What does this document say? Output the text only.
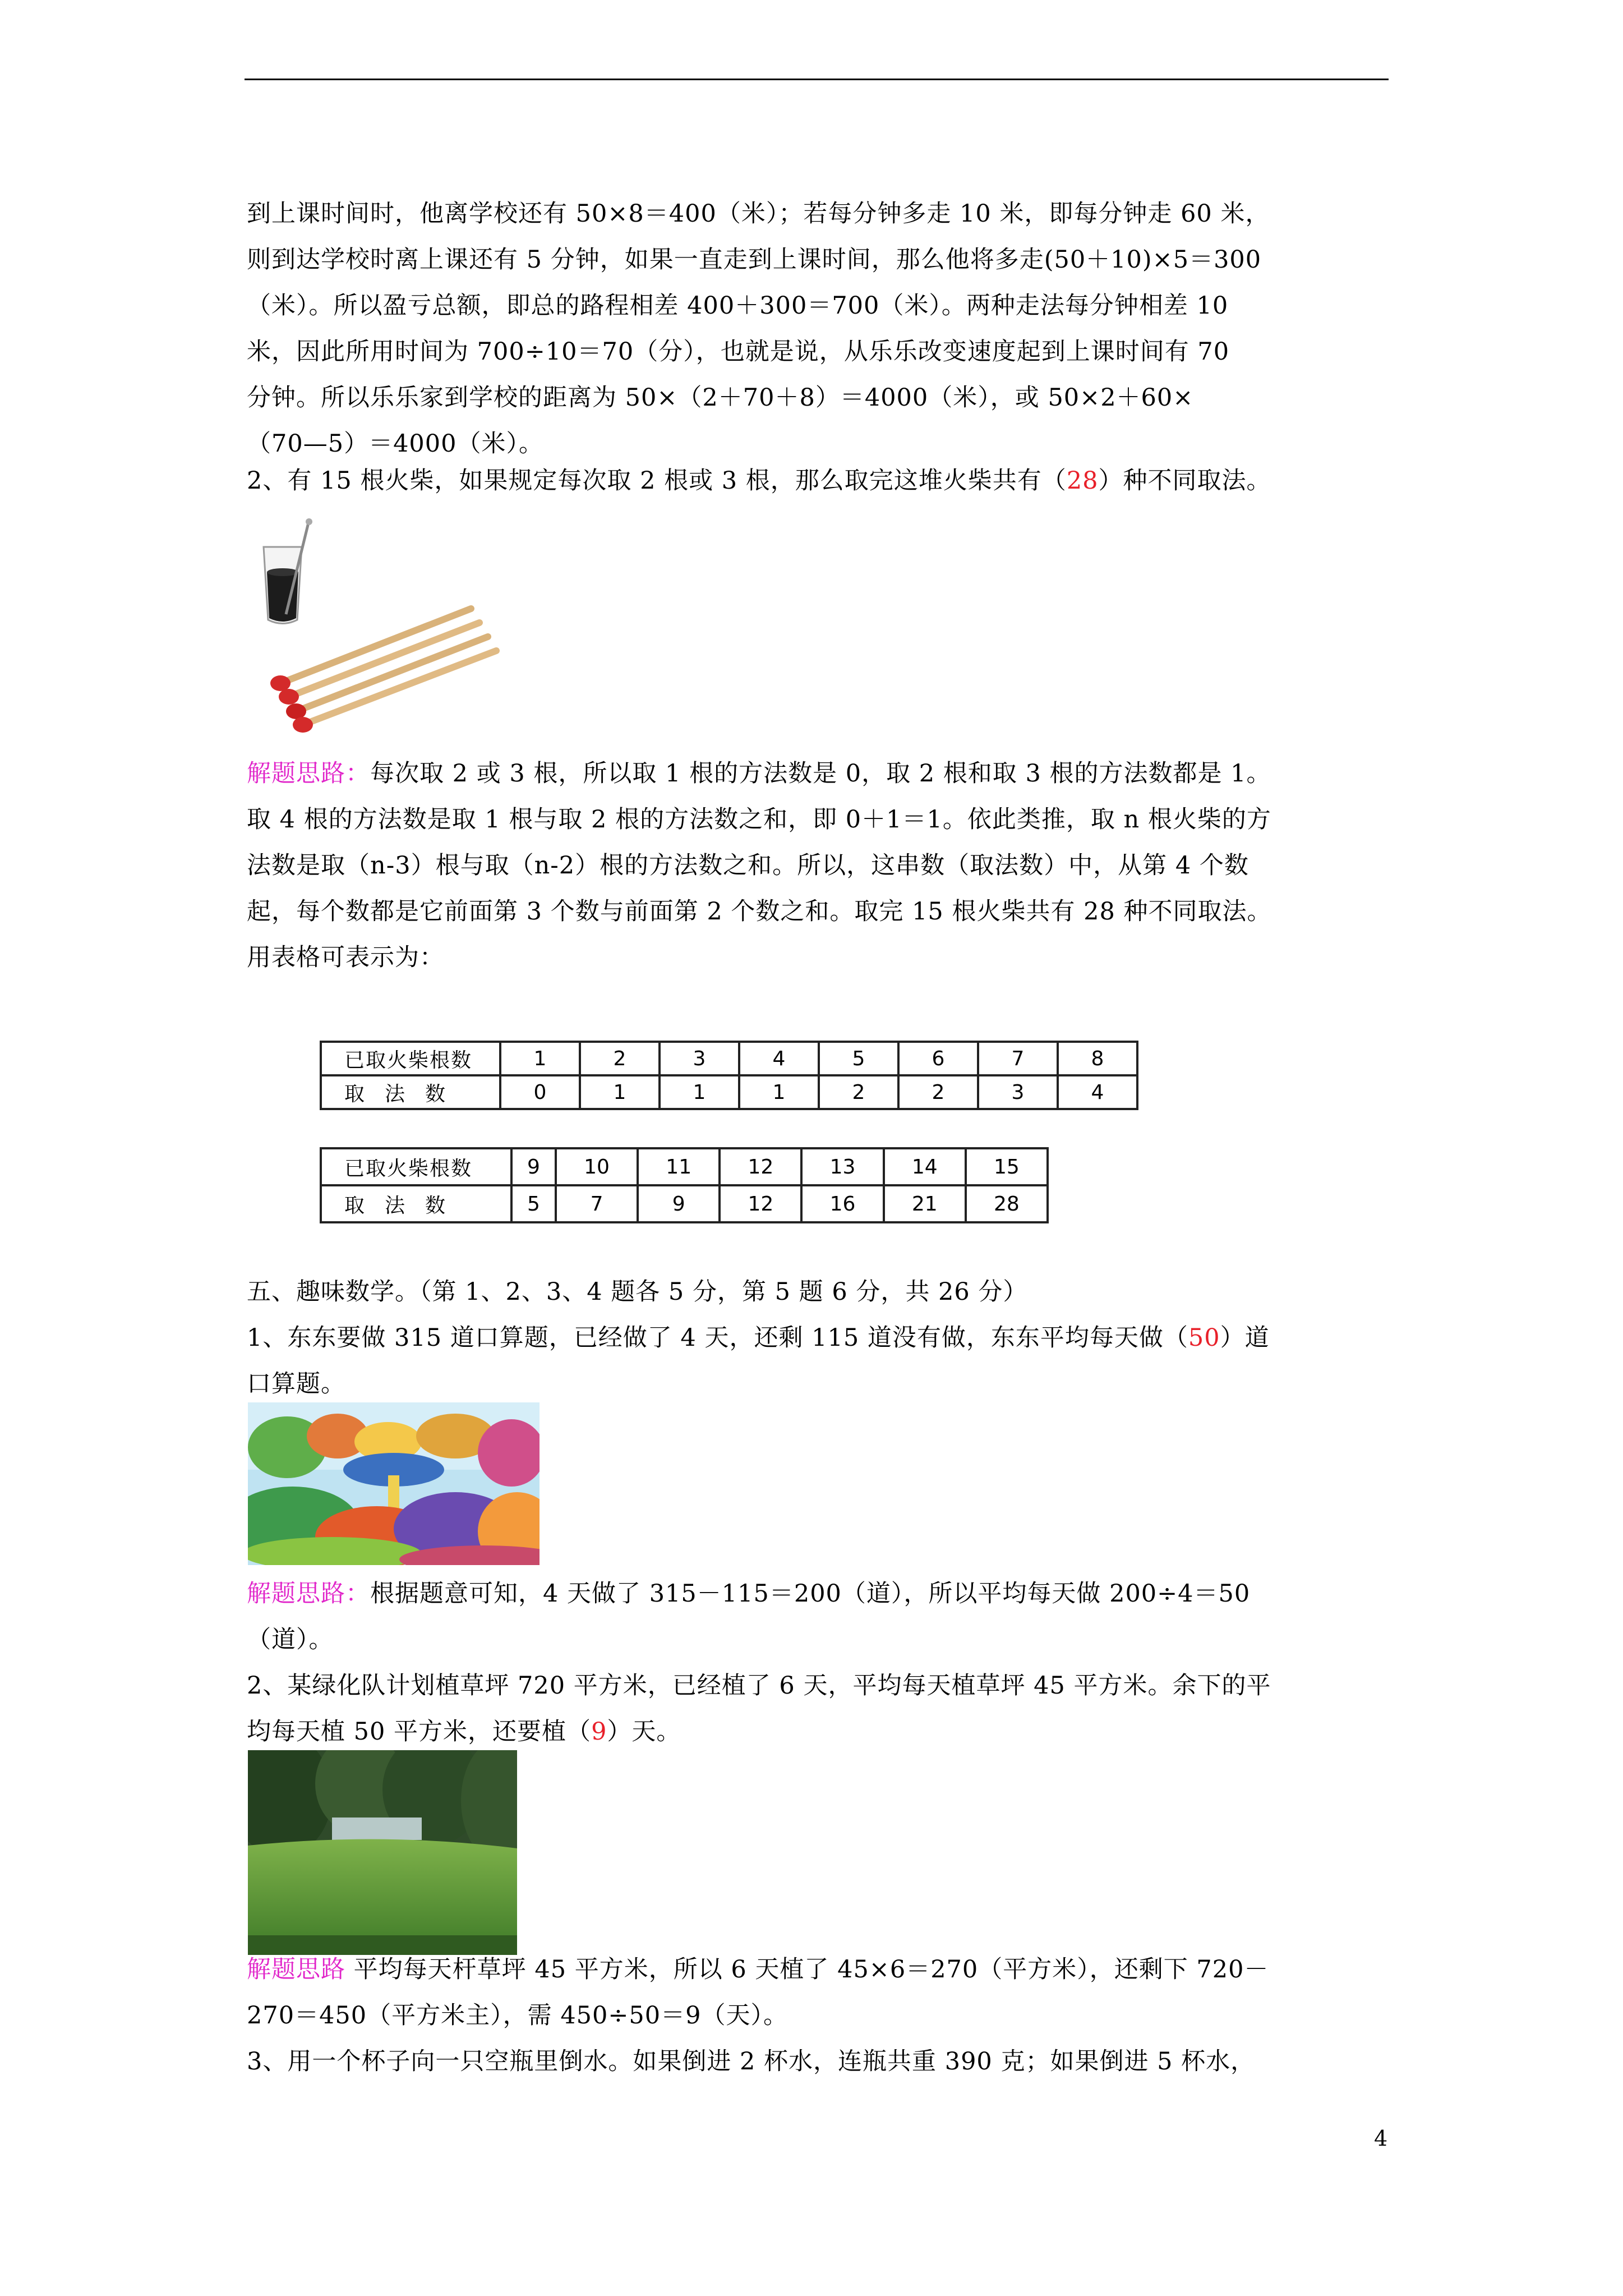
到上课时间时，他离学校还有 50×8＝400（米）；若每分钟多走 10 米，即每分钟走 60 米，

则到达学校时离上课还有 5 分钟，如果一直走到上课时间，那么他将多走(50＋10)×5＝300

（米）。所以盈亏总额，即总的路程相差 400＋300＝700（米）。两种走法每分钟相差 10

米，因此所用时间为 700÷10＝70（分），也就是说，从乐乐改变速度起到上课时间有 70

分钟。所以乐乐家到学校的距离为 50×（2＋70＋8）＝4000（米），或 50×2＋60×

（70—5）＝4000（米）。

2、有 15 根火柴，如果规定每次取 2 根或 3 根，那么取完这堆火柴共有（28）种不同取法。

解题思路：每次取 2 或 3 根，所以取 1 根的方法数是 0，取 2 根和取 3 根的方法数都是 1。

取 4 根的方法数是取 1 根与取 2 根的方法数之和，即 0＋1＝1。依此类推，取 n 根火柴的方

法数是取（n-3）根与取（n-2）根的方法数之和。所以，这串数（取法数）中，从第 4 个数

起，每个数都是它前面第 3 个数与前面第 2 个数之和。取完 15 根火柴共有 28 种不同取法。

用表格可表示为：

已取火柴根数	1	2	3	4	5	6	7	8
取　法　数	0	1	1	1	2	2	3	4
已取火柴根数	9	10	11	12	13	14	15
取　法　数	5	7	9	12	16	21	28

五、趣味数学。（第 1、2、3、4 题各 5 分，第 5 题 6 分，共 26 分）

1、东东要做 315 道口算题，已经做了 4 天，还剩 115 道没有做，东东平均每天做（50）道

口算题。

解题思路：根据题意可知，4 天做了 315－115＝200（道），所以平均每天做 200÷4＝50

（道）。

2、某绿化队计划植草坪 720 平方米，已经植了 6 天，平均每天植草坪 45 平方米。余下的平

均每天植 50 平方米，还要植（9）天。

解题思路 平均每天杆草坪 45 平方米，所以 6 天植了 45×6＝270（平方米），还剩下 720－

270＝450（平方米主），需 450÷50＝9（天）。

3、用一个杯子向一只空瓶里倒水。如果倒进 2 杯水，连瓶共重 390 克；如果倒进 5 杯水，

4
